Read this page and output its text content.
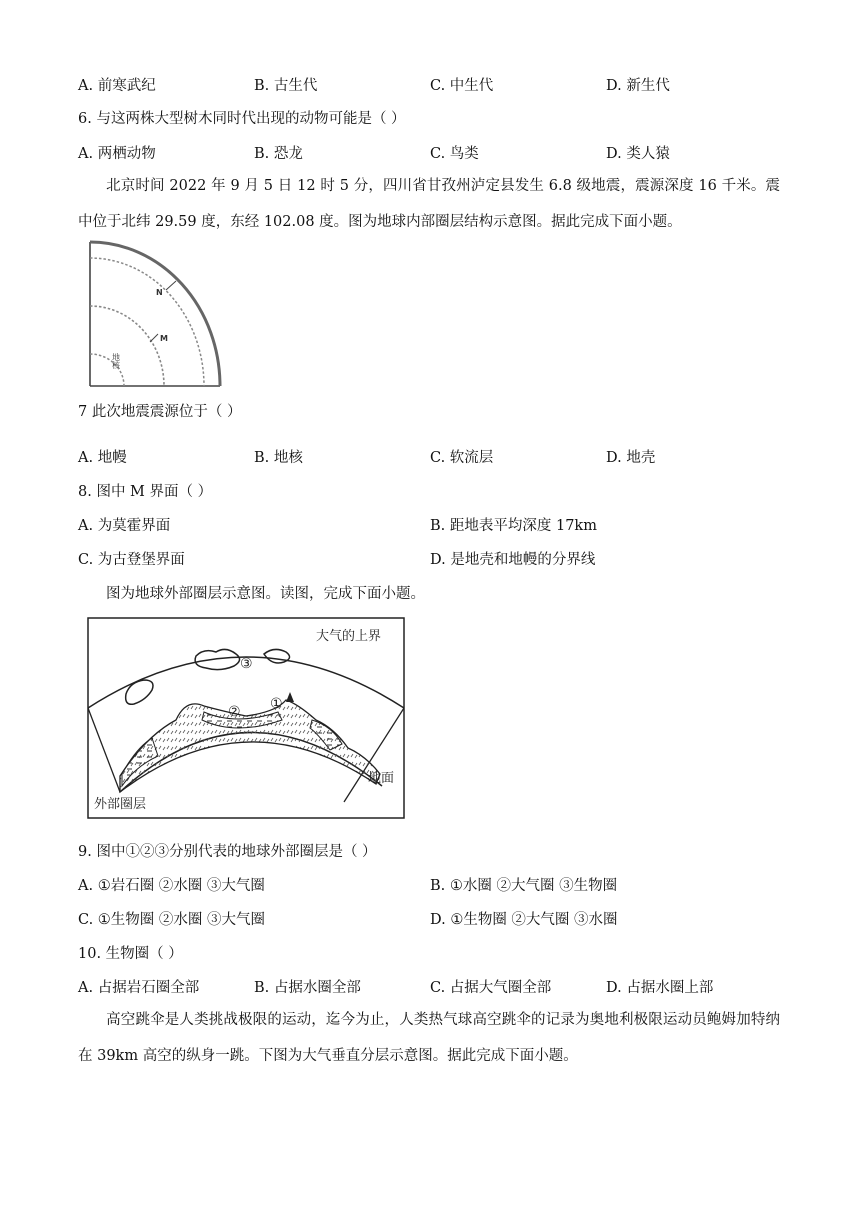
A. 前寒武纪	B. 古生代	C. 中生代	D. 新生代
6. 与这两株大型树木同时代出现的动物可能是（ ）
A. 两栖动物	B. 恐龙	C. 鸟类	D. 类人猿
北京时间 2022 年 9 月 5 日 12 时 5 分，四川省甘孜州泸定县发生 6.8 级地震，震源深度 16 千米。震中位于北纬 29.59 度，东经 102.08 度。图为地球内部圈层结构示意图。据此完成下面小题。
N
M
地核
7 此次地震震源位于（ ）
A. 地幔	B. 地核	C. 软流层	D. 地壳
8. 图中 M 界面（ ）
A. 为莫霍界面	B. 距地表平均深度 17km
C. 为古登堡界面	D. 是地壳和地幔的分界线
图为地球外部圈层示意图。读图，完成下面小题。
大气的上界
地面
外部圈层
①
②
③
9. 图中①②③分别代表的地球外部圈层是（ ）
A. ①岩石圈 ②水圈 ③大气圈	B. ①水圈 ②大气圈 ③生物圈
C. ①生物圈 ②水圈 ③大气圈	D. ①生物圈 ②大气圈 ③水圈
10. 生物圈（ ）
A. 占据岩石圈全部	B. 占据水圈全部	C. 占据大气圈全部	D. 占据水圈上部
高空跳伞是人类挑战极限的运动，迄今为止，人类热气球高空跳伞的记录为奥地利极限运动员鲍姆加特纳在 39km 高空的纵身一跳。下图为大气垂直分层示意图。据此完成下面小题。
